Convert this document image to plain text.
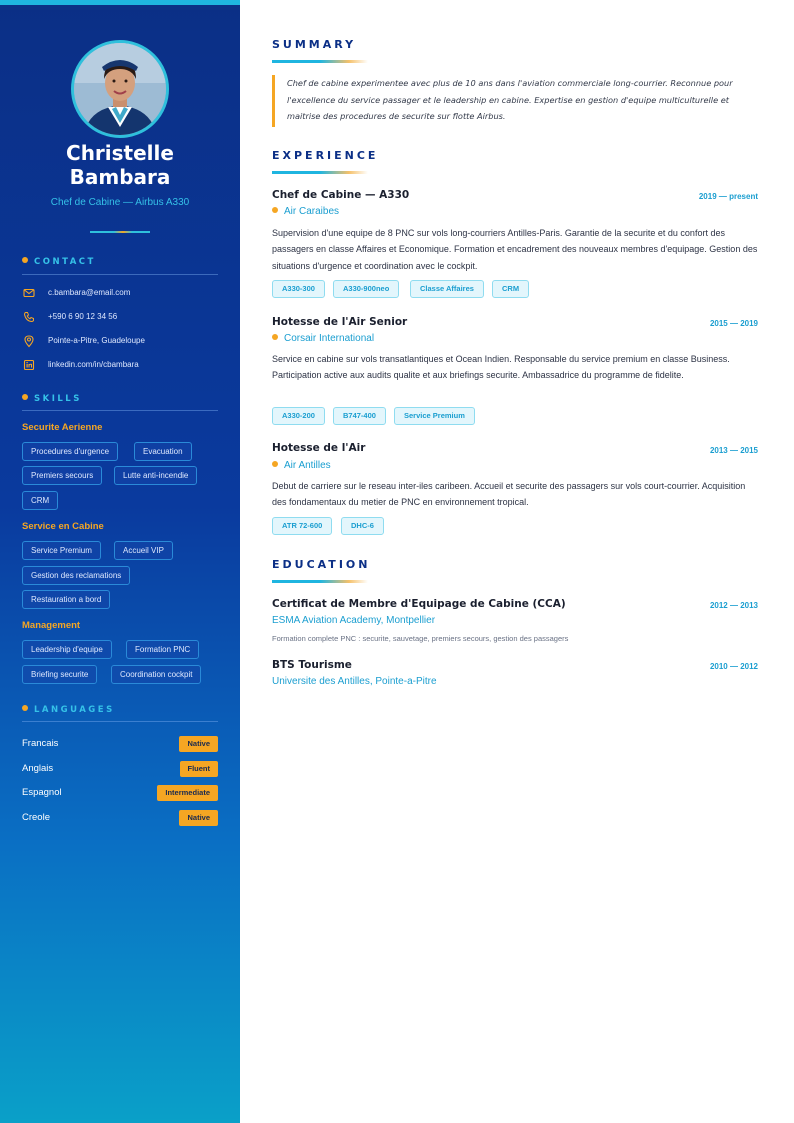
Christelle
Bambara
Chef de Cabine — Airbus A330
CONTACT
c.bambara@email.com
+590 6 90 12 34 56
Pointe-a-Pitre, Guadeloupe
linkedin.com/in/cbambara
SKILLS
Securite Aerienne
Procedures d'urgence	Evacuation
Premiers secours	Lutte anti-incendie
CRM
Service en Cabine
Service Premium	Accueil VIP
Gestion des reclamations
Restauration a bord
Management
Leadership d'equipe	Formation PNC
Briefing securite	Coordination cockpit
LANGUAGES
Francais	Native
Anglais	Fluent
Espagnol	Intermediate
Creole	Native
SUMMARY
Chef de cabine experimentee avec plus de 10 ans dans l'aviation commerciale long-courrier. Reconnue pour l'excellence du service passager et le leadership en cabine. Expertise en gestion d'equipe multiculturelle et maitrise des procedures de securite sur flotte Airbus.
EXPERIENCE
Chef de Cabine — A330	2019 — present
Air Caraibes
Supervision d'une equipe de 8 PNC sur vols long-courriers Antilles-Paris. Garantie de la securite et du confort des passagers en classe Affaires et Economique. Formation et encadrement des nouveaux membres d'equipage. Gestion des situations d'urgence et coordination avec le cockpit.
A330-300	A330-900neo	Classe Affaires	CRM
Hotesse de l'Air Senior	2015 — 2019
Corsair International
Service en cabine sur vols transatlantiques et Ocean Indien. Responsable du service premium en classe Business. Participation active aux audits qualite et aux briefings securite. Ambassadrice du programme de fidelite.
A330-200	B747-400	Service Premium
Hotesse de l'Air	2013 — 2015
Air Antilles
Debut de carriere sur le reseau inter-iles caribeen. Accueil et securite des passagers sur vols court-courrier. Acquisition des fondamentaux du metier de PNC en environnement tropical.
ATR 72-600	DHC-6
EDUCATION
Certificat de Membre d'Equipage de Cabine (CCA)	2012 — 2013
ESMA Aviation Academy, Montpellier
Formation complete PNC : securite, sauvetage, premiers secours, gestion des passagers
BTS Tourisme	2010 — 2012
Universite des Antilles, Pointe-a-Pitre
